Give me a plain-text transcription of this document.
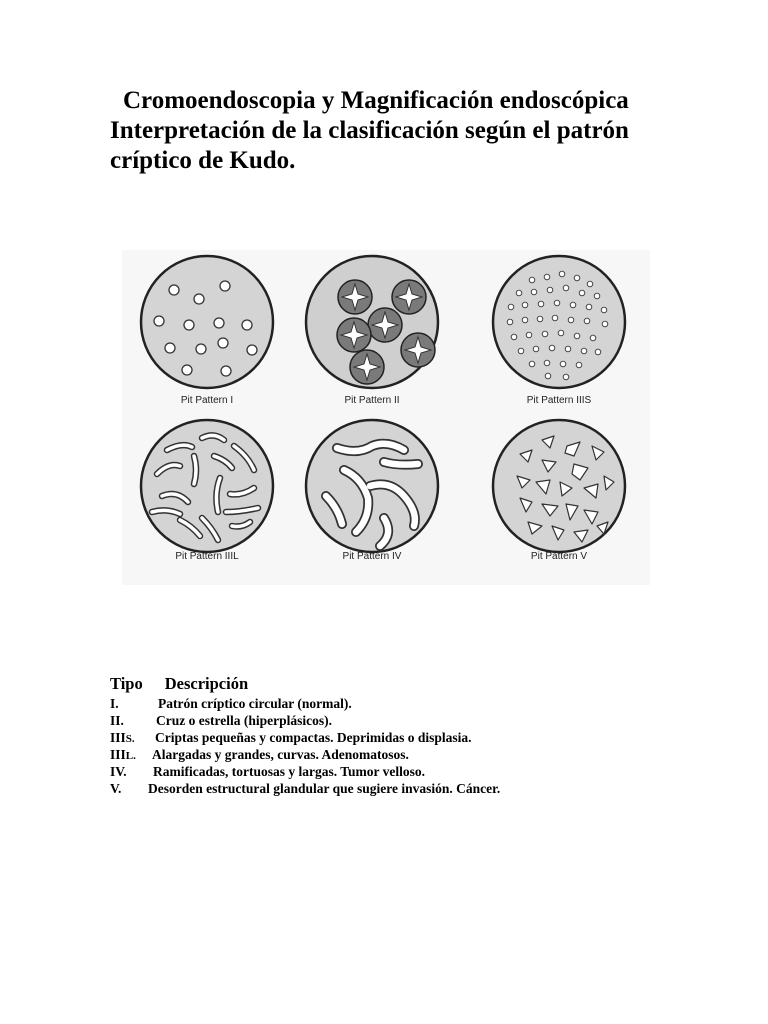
Cromoendoscopia y Magnificación endoscópica
Interpretación de la clasificación según el patrón
críptico de Kudo.
Pit Pattern I	Pit Pattern II	Pit Pattern IIIS
Pit Pattern IIIL	Pit Pattern IV	Pit Pattern V
Tipo Descripción
I.	Patrón críptico circular (normal).
II. Cruz o estrella (hiperplásicos).
IIIS. Criptas pequeñas y compactas. Deprimidas o displasia.
IIIL. Alargadas y grandes, curvas. Adenomatosos.
IV. Ramificadas, tortuosas y largas. Tumor velloso.
V. Desorden estructural glandular que sugiere invasión. Cáncer.
